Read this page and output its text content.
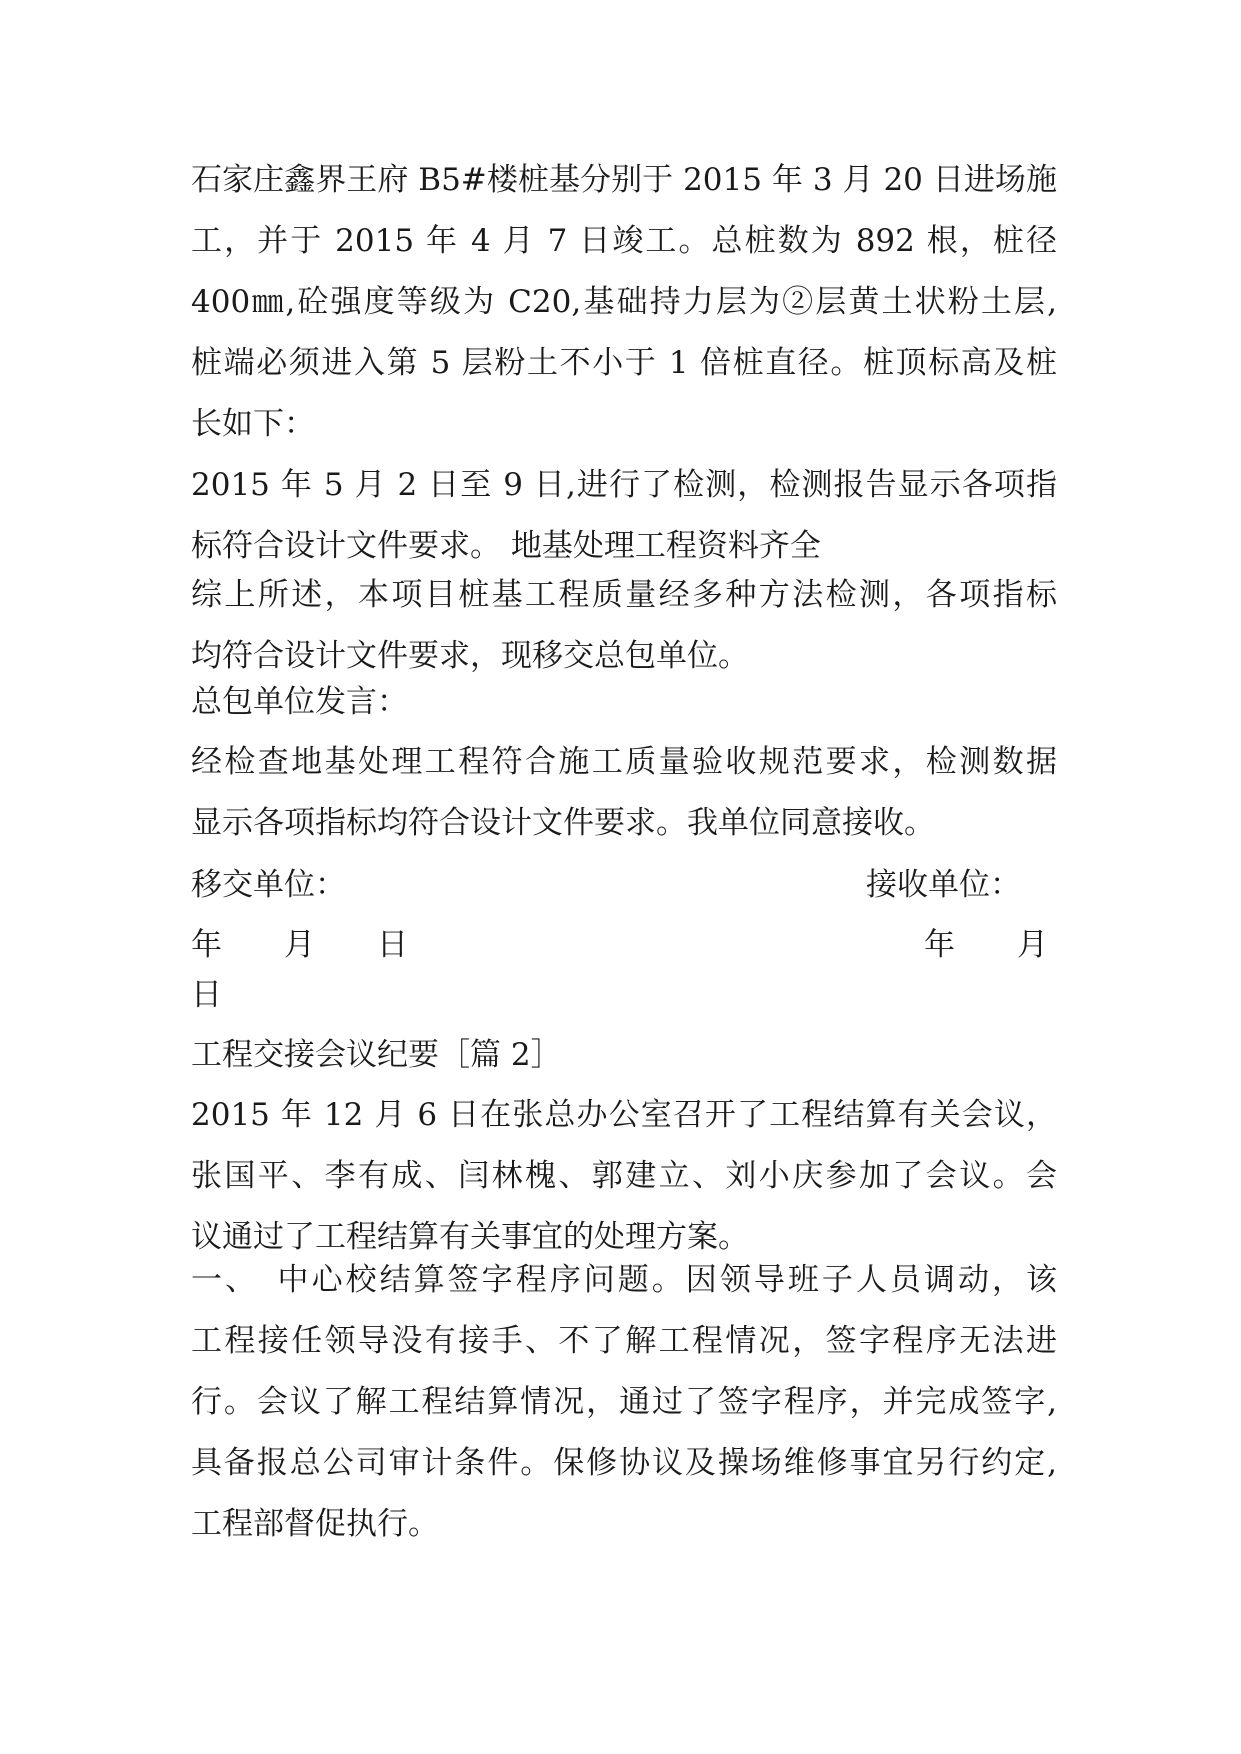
石家庄鑫界王府 B5#楼桩基分别于 2015 年 3 月 20 日进场施
工，并于 2015 年 4 月 7 日竣工。总桩数为 892 根，桩径
400㎜,砼强度等级为 C20,基础持力层为②层黄土状粉土层,
桩端必须进入第 5 层粉土不小于 1 倍桩直径。桩顶标高及桩
长如下：
2015 年 5 月 2 日至 9 日,进行了检测，检测报告显示各项指
标符合设计文件要求。 地基处理工程资料齐全
综上所述，本项目桩基工程质量经多种方法检测，各项指标
均符合设计文件要求，现移交总包单位。
总包单位发言：
经检查地基处理工程符合施工质量验收规范要求，检测数据
显示各项指标均符合设计文件要求。我单位同意接收。
移交单位：	接收单位：
年　　月　　日	年　　月
日
工程交接会议纪要［篇 2］
2015 年 12 月 6 日在张总办公室召开了工程结算有关会议，
张国平、李有成、闫林槐、郭建立、刘小庆参加了会议。会
议通过了工程结算有关事宜的处理方案。
一、　中心校结算签字程序问题。因领导班子人员调动，该
工程接任领导没有接手、不了解工程情况，签字程序无法进
行。会议了解工程结算情况，通过了签字程序，并完成签字,
具备报总公司审计条件。保修协议及操场维修事宜另行约定,
工程部督促执行。
